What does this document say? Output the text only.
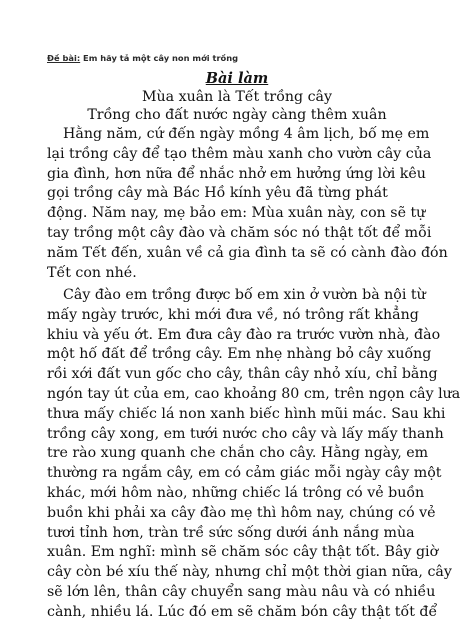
Đề bài: Em hãy tả một cây non mới trồng
Bài làm
Mùa xuân là Tết trồng cây
Trồng cho đất nước ngày càng thêm xuân
Hằng năm, cứ đến ngày mồng 4 âm lịch, bố mẹ em
lại trồng cây để tạo thêm màu xanh cho vườn cây của
gia đình, hơn nữa để nhắc nhở em hưởng ứng lời kêu
gọi trồng cây mà Bác Hồ kính yêu đã từng phát
động. Năm nay, mẹ bảo em: Mùa xuân này, con sẽ tự
tay trồng một cây đào và chăm sóc nó thật tốt để mỗi
năm Tết đến, xuân về cả gia đình ta sẽ có cành đào đón
Tết con nhé.
Cây đào em trồng được bố em xin ở vườn bà nội từ
mấy ngày trước, khi mới đưa về, nó trông rất khẳng
khiu và yếu ớt. Em đưa cây đào ra trước vườn nhà, đào
một hố đất để trồng cây. Em nhẹ nhàng bỏ cây xuống
rồi xới đất vun gốc cho cây, thân cây nhỏ xíu, chỉ bằng
ngón tay út của em, cao khoảng 80 cm, trên ngọn cây lưa
thưa mấy chiếc lá non xanh biếc hình mũi mác. Sau khi
trồng cây xong, em tưới nước cho cây và lấy mấy thanh
tre rào xung quanh che chắn cho cây. Hằng ngày, em
thường ra ngắm cây, em có cảm giác mỗi ngày cây một
khác, mới hôm nào, những chiếc lá trông có vẻ buồn
buồn khi phải xa cây đào mẹ thì hôm nay, chúng có vẻ
tươi tỉnh hơn, tràn trề sức sống dưới ánh nắng mùa
xuân. Em nghĩ: mình sẽ chăm sóc cây thật tốt. Bây giờ
cây còn bé xíu thế này, nhưng chỉ một thời gian nữa, cây
sẽ lớn lên, thân cây chuyển sang màu nâu và có nhiều
cành, nhiều lá. Lúc đó em sẽ chăm bón cây thật tốt để
